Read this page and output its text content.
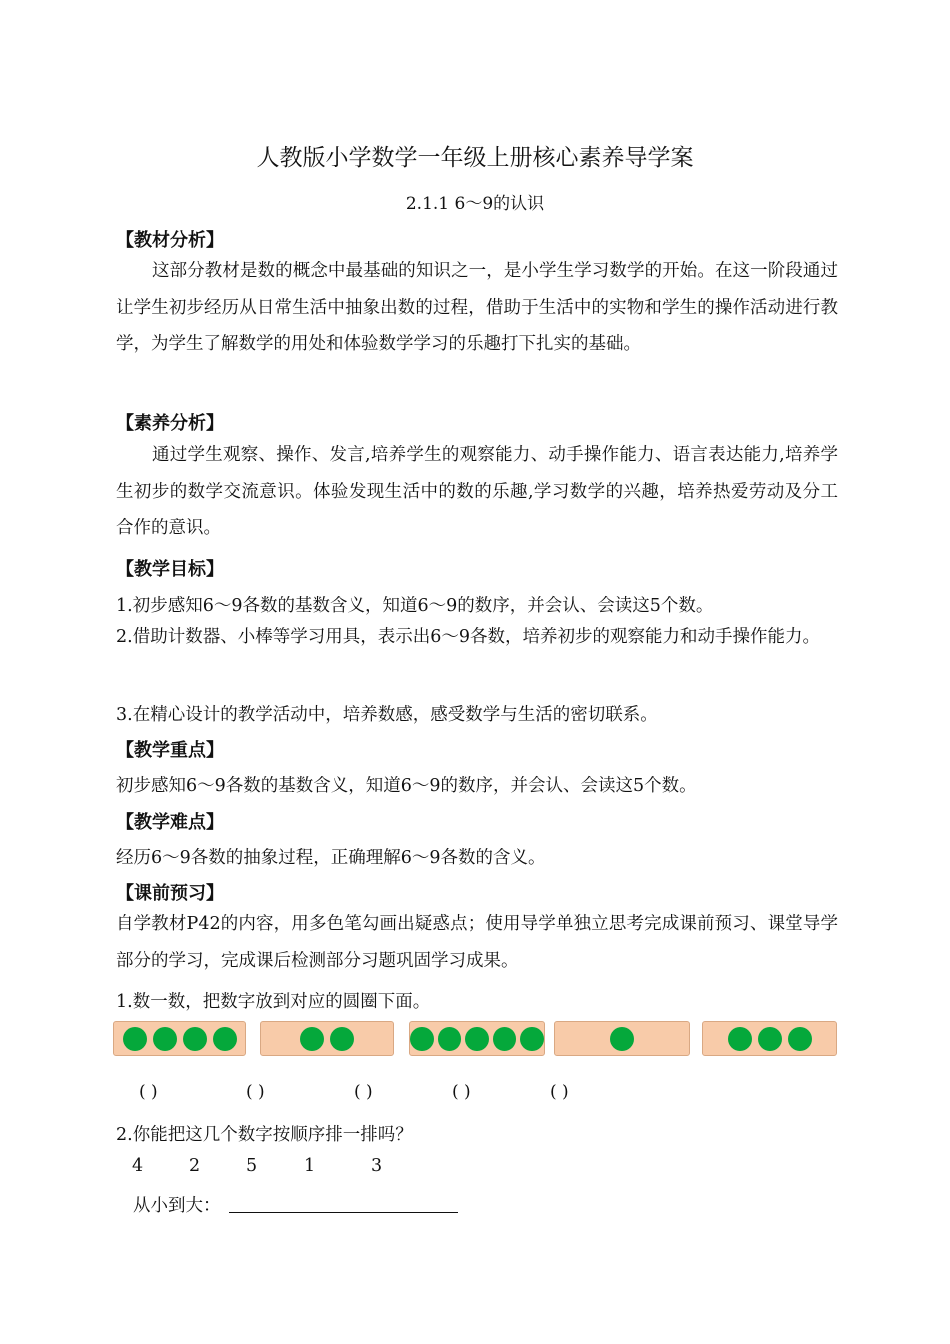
人教版小学数学一年级上册核心素养导学案
2.1.1 6～9的认识
【教材分析】
这部分教材是数的概念中最基础的知识之一，是小学生学习数学的开始。在这一阶段通过让学生初步经历从日常生活中抽象出数的过程，借助于生活中的实物和学生的操作活动进行教学，为学生了解数学的用处和体验数学学习的乐趣打下扎实的基础。
【素养分析】
通过学生观察、操作、发言,培养学生的观察能力、动手操作能力、语言表达能力,培养学生初步的数学交流意识。体验发现生活中的数的乐趣,学习数学的兴趣，培养热爱劳动及分工合作的意识。
【教学目标】
1.初步感知6～9各数的基数含义，知道6～9的数序，并会认、会读这5个数。
2.借助计数器、小棒等学习用具，表示出6～9各数，培养初步的观察能力和动手操作能力。
3.在精心设计的教学活动中，培养数感，感受数学与生活的密切联系。
【教学重点】
初步感知6～9各数的基数含义，知道6～9的数序，并会认、会读这5个数。
【教学难点】
经历6～9各数的抽象过程，正确理解6～9各数的含义。
【课前预习】
自学教材P42的内容，用多色笔勾画出疑惑点；使用导学单独立思考完成课前预习、课堂导学部分的学习，完成课后检测部分习题巩固学习成果。
1.数一数，把数字放到对应的圆圈下面。
( )	( )	( )	( )	( )
2.你能把这几个数字按顺序排一排吗？
4	2	5	1	3
从小到大：
